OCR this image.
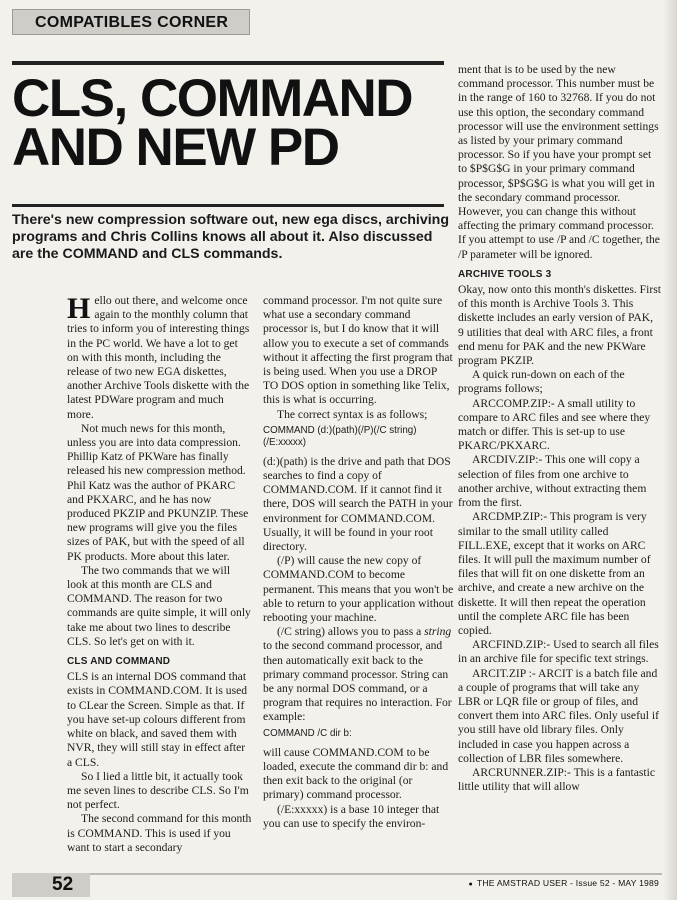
COMPATIBLES CORNER
CLS, COMMAND
AND NEW PD

There's new compression software out, new ega discs, archiving programs and Chris Collins knows all about it. Also discussed are the COMMAND and CLS commands.

Hello out there, and welcome once again to the monthly column that tries to inform you of interesting things in the PC world. We have a lot to get on with this month, including the release of two new EGA diskettes, another Archive Tools diskette with the latest PDWare program and much more.

Not much news for this month, unless you are into data compression. Phillip Katz of PKWare has finally released his new compression method. Phil Katz was the author of PKARC and PKXARC, and he has now produced PKZIP and PKUNZIP. These new programs will give you the files sizes of PAK, but with the speed of all PK products. More about this later.

The two commands that we will look at this month are CLS and COMMAND. The reason for two commands are quite simple, it will only take me about two lines to describe CLS. So let's get on with it.

CLS AND COMMAND

CLS is an internal DOS command that exists in COMMAND.COM. It is used to CLear the Screen. Simple as that. If you have set-up colours different from white on black, and saved them with NVR, they will still stay in effect after a CLS.

So I lied a little bit, it actually took me seven lines to describe CLS. So I'm not perfect.

The second command for this month is COMMAND. This is used if you want to start a secondary

command processor. I'm not quite sure what use a secondary command processor is, but I do know that it will allow you to execute a set of commands without it affecting the first program that is being used. When you use a DROP TO DOS option in something like Telix, this is what is occurring.

The correct syntax is as follows;

COMMAND (d:)(path)(/P)(/C string)(/E:xxxxx)

(d:)(path) is the drive and path that DOS searches to find a copy of COMMAND.COM. If it cannot find it there, DOS will search the PATH in your environment for COMMAND.COM. Usually, it will be found in your root directory.

(/P) will cause the new copy of COMMAND.COM to become permanent. This means that you won't be able to return to your application without rebooting your machine.

(/C string) allows you to pass a string to the second command processor, and then automatically exit back to the primary command processor. String can be any normal DOS command, or a program that requires no interaction. For example:

COMMAND /C dir b:

will cause COMMAND.COM to be loaded, execute the command dir b: and then exit back to the original (or primary) command processor.

(/E:xxxxx) is a base 10 integer that you can use to specify the environ-

ment that is to be used by the new command processor. This number must be in the range of 160 to 32768. If you do not use this option, the secondary command processor will use the environment settings as listed by your primary command processor. So if you have your prompt set to $P$G$G in your primary command processor, $P$G$G is what you will get in the secondary command processor. However, you can change this without affecting the primary command processor. If you attempt to use /P and /C together, the /P parameter will be ignored.

ARCHIVE TOOLS 3

Okay, now onto this month's diskettes. First of this month is Archive Tools 3. This diskette includes an early version of PAK, 9 utilities that deal with ARC files, a front end menu for PAK and the new PKWare program PKZIP.

A quick run-down on each of the programs follows;

ARCCOMP.ZIP:- A small utility to compare to ARC files and see where they match or differ. This is set-up to use PKARC/PKXARC.

ARCDIV.ZIP:- This one will copy a selection of files from one archive to another archive, without extracting them from the first.

ARCDMP.ZIP:- This program is very similar to the small utility called FILL.EXE, except that it works on ARC files. It will pull the maximum number of files that will fit on one diskette from an archive, and create a new archive on the diskette. It will then repeat the operation until the complete ARC file has been copied.

ARCFIND.ZIP:- Used to search all files in an archive file for specific text strings.

ARCIT.ZIP :- ARCIT is a batch file and a couple of programs that will take any LBR or LQR file or group of files, and convert them into ARC files. Only useful if you still have old library files. Only included in case you happen across a collection of LBR files somewhere.

ARCRUNNER.ZIP:- This is a fantastic little utility that will allow

52	● THE AMSTRAD USER - Issue 52 - MAY 1989
